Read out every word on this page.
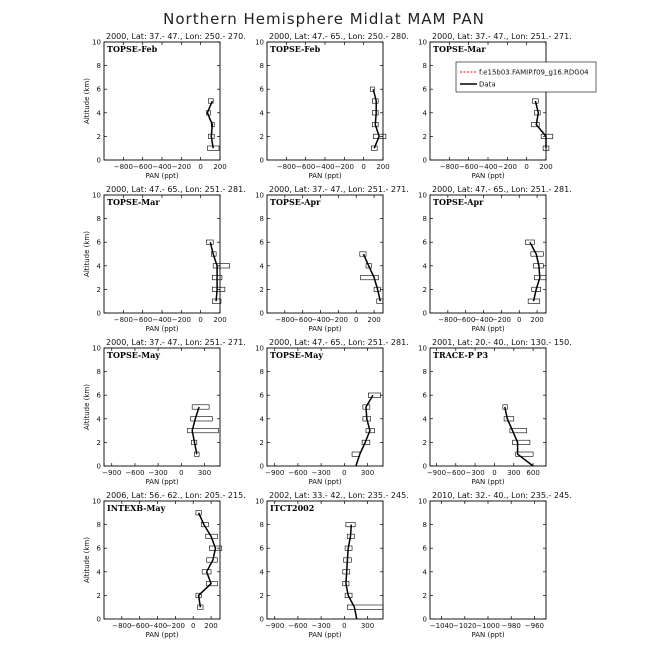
Northern Hemisphere Midlat MAM PAN
2000, Lat: 37.- 47., Lon: 250.- 270.
TOPSE-Feb
−800 −600 −400 −200 0 200
0
2
4
6
8
10
PAN (ppt)
Altitude (km)
2000, Lat: 47.- 65., Lon: 250.- 280.
TOPSE-Feb
−800 −600 −400 −200 0 200
0
2
4
6
8
10
PAN (ppt)
2000, Lat: 37.- 47., Lon: 251.- 271.
TOPSE-Mar
−800 −600 −400 −200 0 200
0
2
4
6
8
10
PAN (ppt)
2000, Lat: 47.- 65., Lon: 251.- 281.
TOPSE-Mar
−800 −600 −400 −200 0 200
0
2
4
6
8
10
PAN (ppt)
Altitude (km)
2000, Lat: 37.- 47., Lon: 251.- 271.
TOPSE-Apr
−800
−600
−400
−200 0 200
0
2
4
6
8
10
PAN (ppt)
2000, Lat: 47.- 65., Lon: 251.- 281.
TOPSE-Apr
−800
−600
−400
−200 0 200
0
2
4
6
8
10
PAN (ppt)
2000, Lat: 37.- 47., Lon: 251.- 271.
TOPSE-May
−900 −600 −300 0 300
0
2
4
6
8
10
PAN (ppt)
Altitude (km)
2000, Lat: 47.- 65., Lon: 251.- 281.
TOPSE-May
−900 −600 −300 0 300
0
2
4
6
8
10
PAN (ppt)
2001, Lat: 20.- 40., Lon: 130.- 150.
TRACE-P P3
−900 −600 −300 0 300 600
0
2
4
6
8
10
PAN (ppt)
2006, Lat: 56.- 62., Lon: 205.- 215.
INTEXB-May
−800
−600
−400
−200 0 200
0
2
4
6
8
10
PAN (ppt)
Altitude (km)
2002, Lat: 33.- 42., Lon: 235.- 245.
ITCT2002
−900 −600 −300 0 300
0
2
4
6
8
10
PAN (ppt)
2010, Lat: 32.- 40., Lon: 235.- 245.
−1040 −1020 −1000 −980 −960
0
2
4
6
8
10
PAN (ppt)
f.e15b03.FAMIP.f09_g16.RDG04
Data
